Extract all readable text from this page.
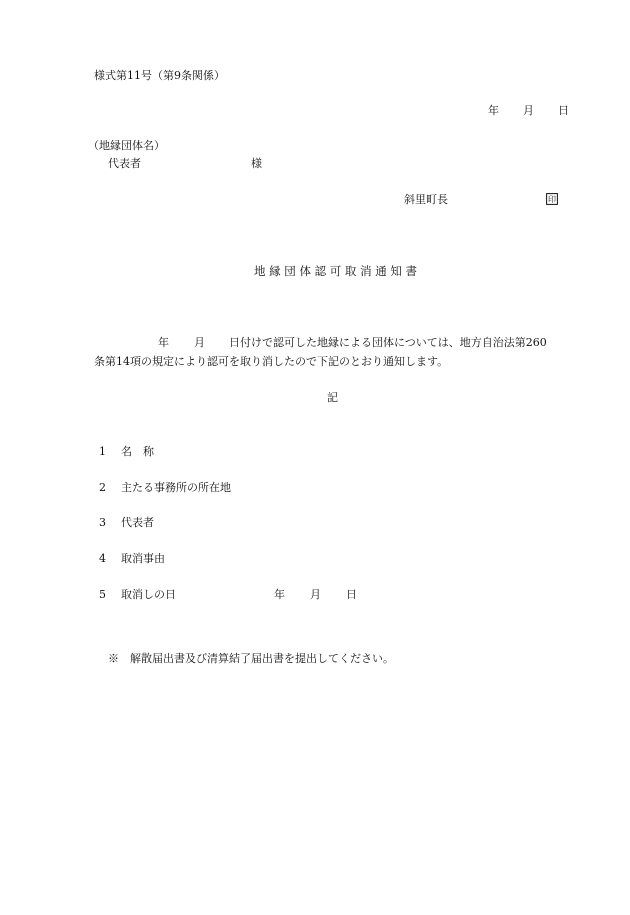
様式第11号（第9条関係）
年 月 日
（地縁団体名）
代表者	様
斜里町長	印
地 縁 団 体 認 可 取 消 通 知 書
年 月 日付けで認可した地縁による団体については、地方自治法第260
条第14項の規定により認可を取り消したので下記のとおり通知します。
記
1 名　称
2 主たる事務所の所在地
3 代表者
4 取消事由
5 取消しの日	年 月 日
※　解散届出書及び清算結了届出書を提出してください。
